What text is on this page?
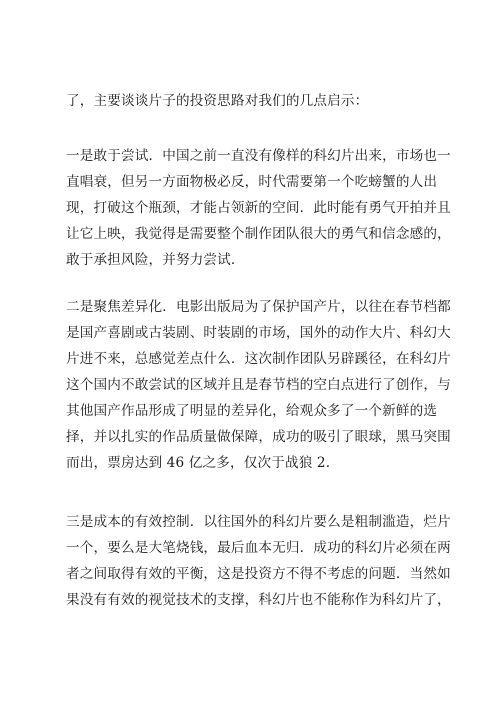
了，主要谈谈片子的投资思路对我们的几点启示：

一是敢于尝试．中国之前一直没有像样的科幻片出来，市场也一
直唱衰，但另一方面物极必反，时代需要第一个吃螃蟹的人出
现，打破这个瓶颈，才能占领新的空间．此时能有勇气开拍并且
让它上映，我觉得是需要整个制作团队很大的勇气和信念感的，
敢于承担风险，并努力尝试．

二是聚焦差异化．电影出版局为了保护国产片，以往在春节档都
是国产喜剧或古装剧、时装剧的市场，国外的动作大片、科幻大
片进不来，总感觉差点什么．这次制作团队另辟蹊径，在科幻片
这个国内不敢尝试的区域并且是春节档的空白点进行了创作，与
其他国产作品形成了明显的差异化，给观众多了一个新鲜的选
择，并以扎实的作品质量做保障，成功的吸引了眼球，黑马突围
而出，票房达到 46 亿之多，仅次于战狼 2.

三是成本的有效控制．以往国外的科幻片要么是粗制滥造，烂片
一个，要么是大笔烧钱，最后血本无归．成功的科幻片必须在两
者之间取得有效的平衡，这是投资方不得不考虑的问题．当然如
果没有有效的视觉技术的支撑，科幻片也不能称作为科幻片了，
